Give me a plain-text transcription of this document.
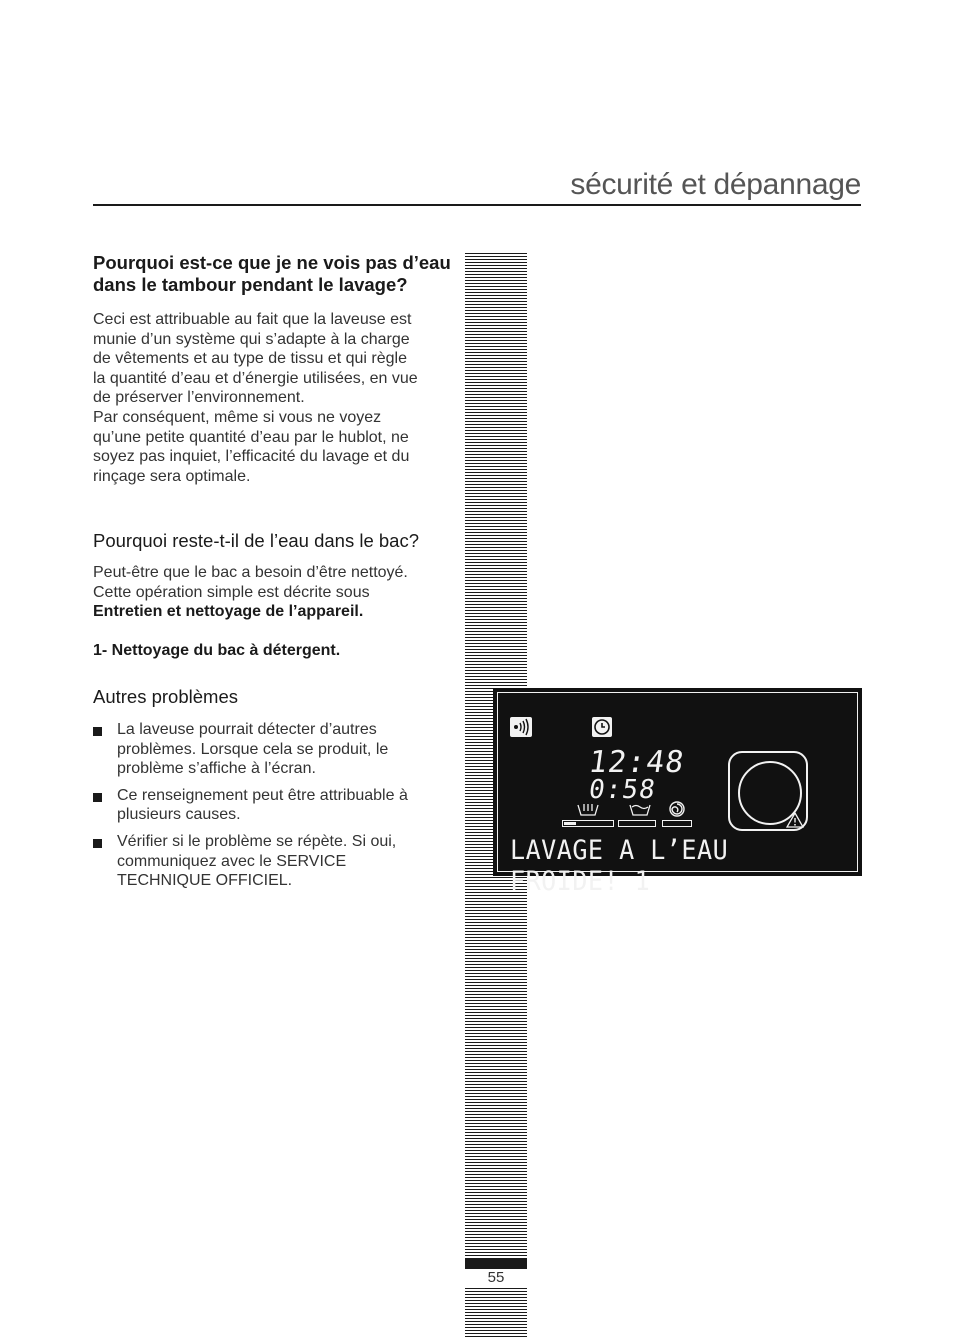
sécurité et dépannage
55
Pourquoi est-ce que je ne vois pas d’eau dans le tambour pendant le lavage?

Ceci est attribuable au fait que la laveuse est
munie d’un système qui s’adapte à la charge
de vêtements et au type de tissu et qui règle
la quantité d’eau et d’énergie utilisées, en vue
de préserver l’environnement.
Par conséquent, même si vous ne voyez
qu’une petite quantité d’eau par le hublot, ne
soyez pas inquiet, l’efficacité du lavage et du
rinçage sera optimale.

Pourquoi reste-t-il de l’eau dans le bac?

Peut-être que le bac a besoin d’être nettoyé.
Cette opération simple est décrite sous
Entretien et nettoyage de l’appareil.

1- Nettoyage du bac à détergent.

Autres problèmes
La laveuse pourrait détecter d’autres
problèmes. Lorsque cela se produit, le
problème s’affiche à l’écran.
Ce renseignement peut être attribuable à
plusieurs causes.
Vérifier si le problème se répète. Si oui,
communiquez avec le SERVICE
TECHNIQUE OFFICIEL.
12:48
0:58
LAVAGE A L’EAU FROIDE! 1
